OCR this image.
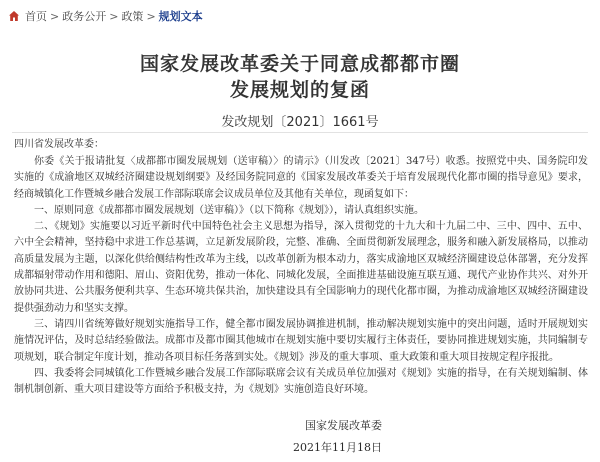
首页 > 政务公开 > 政策 > 规划文本
国家发展改革委关于同意成都都市圈
发展规划的复函
发改规划〔2021〕1661号
四川省发展改革委：

你委《关于报请批复〈成都都市圈发展规划（送审稿）〉的请示》（川发改〔2021〕347号）收悉。按照党中央、国务院印发实施的《成渝地区双城经济圈建设规划纲要》及经国务院同意的《国家发展改革委关于培育发展现代化都市圈的指导意见》要求，经商城镇化工作暨城乡融合发展工作部际联席会议成员单位及其他有关单位，现函复如下：

一、原则同意《成都都市圈发展规划（送审稿）》（以下简称《规划》），请认真组织实施。

二、《规划》实施要以习近平新时代中国特色社会主义思想为指导，深入贯彻党的十九大和十九届二中、三中、四中、五中、六中全会精神，坚持稳中求进工作总基调，立足新发展阶段，完整、准确、全面贯彻新发展理念，服务和融入新发展格局，以推动高质量发展为主题，以深化供给侧结构性改革为主线，以改革创新为根本动力，落实成渝地区双城经济圈建设总体部署，充分发挥成都辐射带动作用和德阳、眉山、资阳优势，推动一体化、同城化发展，全面推进基础设施互联互通、现代产业协作共兴、对外开放协同共进、公共服务便利共享、生态环境共保共治，加快建设具有全国影响力的现代化都市圈，为推动成渝地区双城经济圈建设提供强劲动力和坚实支撑。

三、请四川省统筹做好规划实施指导工作，健全都市圈发展协调推进机制，推动解决规划实施中的突出问题，适时开展规划实施情况评估，及时总结经验做法。成都市及都市圈其他城市在规划实施中要切实履行主体责任，要协同推进规划实施，共同编制专项规划，联合制定年度计划，推动各项目标任务落到实处。《规划》涉及的重大事项、重大政策和重大项目按规定程序报批。

四、我委将会同城镇化工作暨城乡融合发展工作部际联席会议有关成员单位加强对《规划》实施的指导，在有关规划编制、体制机制创新、重大项目建设等方面给予积极支持，为《规划》实施创造良好环境。

国家发展改革委
2021年11月18日
